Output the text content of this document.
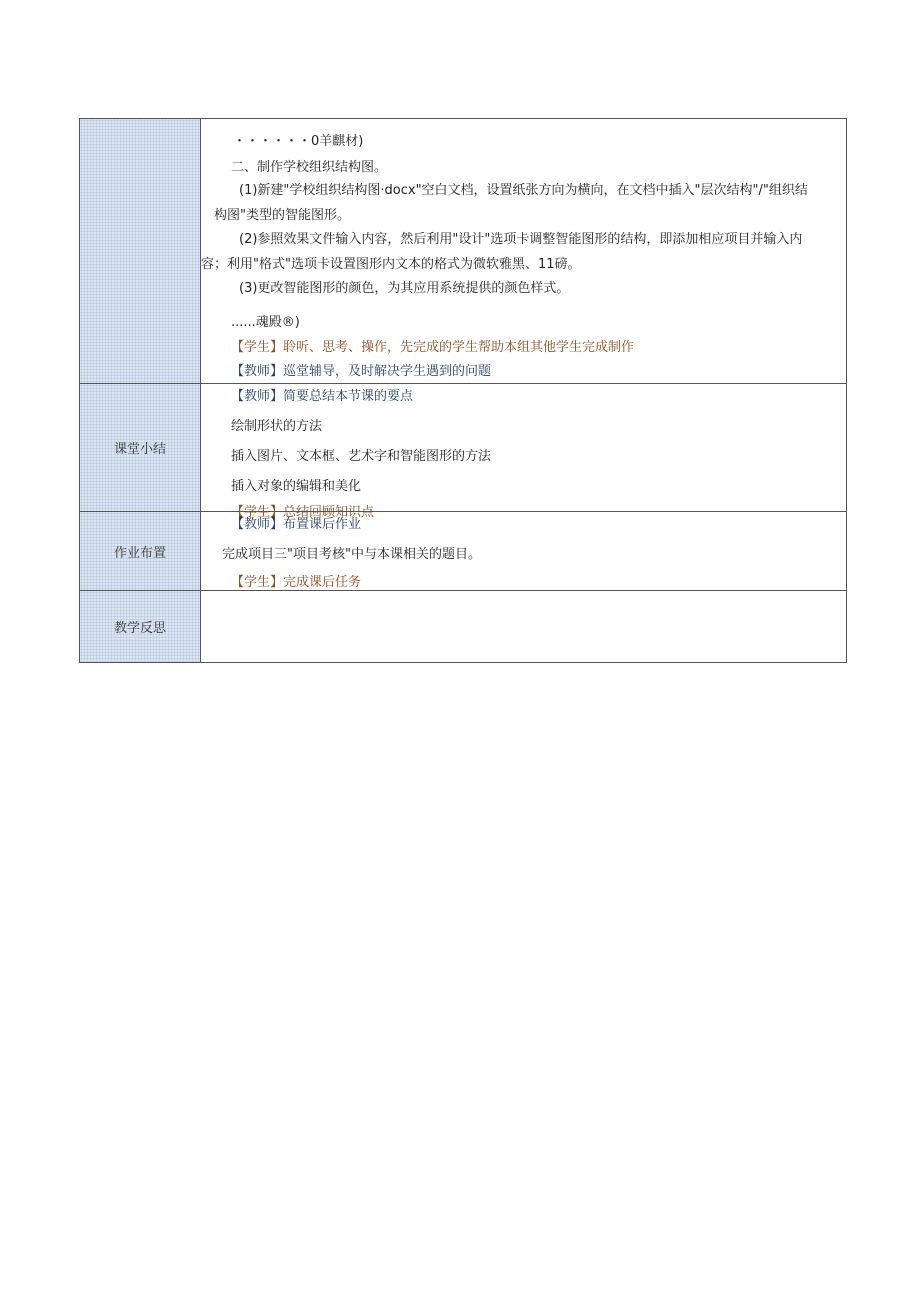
・・・・・・0羊麒材)
二、制作学校组织结构图。
(1)新建"学校组织结构图·docx"空白文档，设置纸张方向为横向，在文档中插入"层次结构"/"组织结
构图"类型的智能图形。
(2)参照效果文件输入内容，然后利用"设计"选项卡调整智能图形的结构，即添加相应项目并输入内
容；利用"格式"选项卡设置图形内文本的格式为微软雅黑、11磅。
(3)更改智能图形的颜色，为其应用系统提供的颜色样式。
......魂殿®)
【学生】聆听、思考、操作，先完成的学生帮助本组其他学生完成制作
【教师】巡堂辅导，及时解决学生遇到的问题
课堂小结
【教师】简要总结本节课的要点
绘制形状的方法
插入图片、文本框、艺术字和智能图形的方法
插入对象的编辑和美化
【学生】总结回顾知识点
作业布置
【教师】布置课后作业
完成项目三"项目考核"中与本课相关的题目。
【学生】完成课后任务
教学反思
